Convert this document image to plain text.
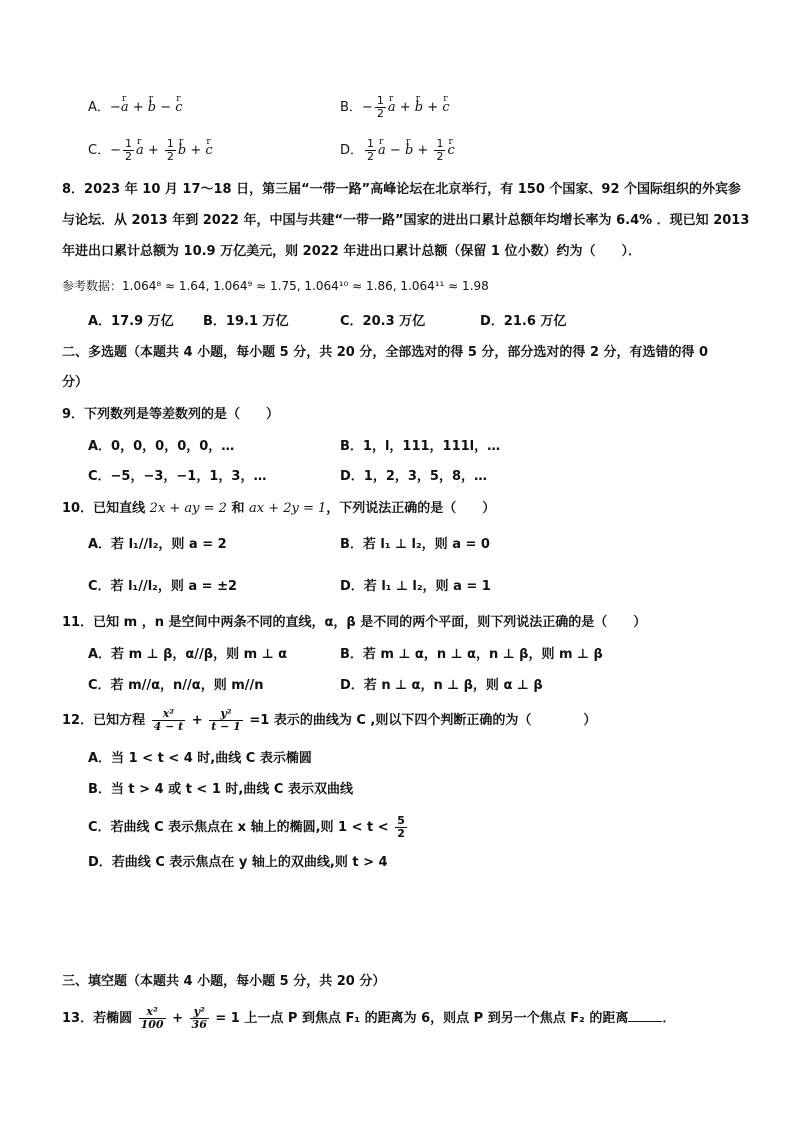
A．−r a + r b − r c	B．− $\frac{1}{2}$ r a + r b + r c
C．− $\frac{1}{2}$ r $a + \frac{1}{2}$ r b + r c	D． $\frac{1}{2}$ r a − r $b + \frac{1}{2}$ r c
8．2023 年 10 月 17～18 日，第三届“一带一路”高峰论坛在北京举行，有 150 个国家、92 个国际组织的外宾参
与论坛．从 2013 年到 2022 年，中国与共建“一带一路”国家的进出口累计总额年均增长率为 6.4% ．现已知 2013
年进出口累计总额为 10.9 万亿美元，则 2022 年进出口累计总额（保留 1 位小数）约为（　　）．
参考数据：1.064⁸ ≈ 1.64, 1.064⁹ ≈ 1.75, 1.064¹⁰ ≈ 1.86, 1.064¹¹ ≈ 1.98
A．17.9 万亿 B．19.1 万亿	C．20.3 万亿	D．21.6 万亿
二、多选题（本题共 4 小题，每小题 5 分，共 20 分，全部选对的得 5 分，部分选对的得 2 分，有选错的得 0
分）
9．下列数列是等差数列的是（　　）
A．0，0，0，0，0，…	B．1，l，111，111l，…
C．−5，−3，−1，1，3，…	D．1，2，3，5，8，…
10．已知直线 2x + ay = 2 和 ax + 2y = 1，下列说法正确的是（　　）
A．若 l₁//l₂，则 a = 2	B．若 l₁ ⊥ l₂，则 a = 0
C．若 l₁//l₂，则 a = ±2	D．若 l₁ ⊥ l₂，则 a = 1
11．已知 m ，n 是空间中两条不同的直线，α，β 是不同的两个平面，则下列说法正确的是（　　）
A．若 m ⊥ β，α//β，则 m ⊥ α	B．若 m ⊥ α，n ⊥ α，n ⊥ β，则 m ⊥ β
C．若 m//α，n//α，则 m//n	D．若 n ⊥ α，n ⊥ β，则 α ⊥ β
12．已知方程 $\frac{\text{x²}}{4 - t} + \frac{\text{y²}}{t - 1} =1$ 表示的曲线为 C ,则以下四个判断正确的为（　　　　）
A．当 1 < t < 4 时,曲线 C 表示椭圆
B．当 t > 4 或 t < 1 时,曲线 C 表示双曲线
C．若曲线 C 表示焦点在 x 轴上的椭圆,则 $1 < t < \frac{5}{2}$
D．若曲线 C 表示焦点在 y 轴上的双曲线,则 t > 4
三、填空题（本题共 4 小题，每小题 5 分，共 20 分）
13．若椭圆 $\frac{\text{x²}}{100} + \frac{\text{y²}}{36} = 1$ 上一点 P 到焦点 F₁ 的距离为 6，则点 P 到另一个焦点 F₂ 的距离	．
